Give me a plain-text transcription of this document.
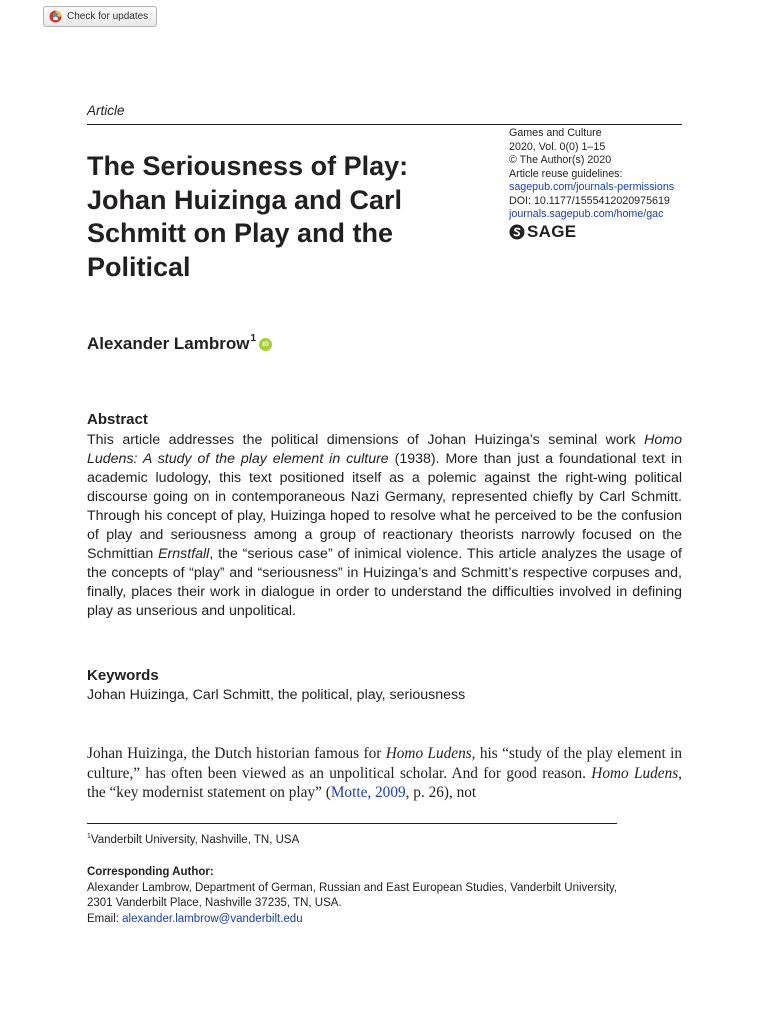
Check for updates
Article
Games and Culture
2020, Vol. 0(0) 1–15
© The Author(s) 2020
Article reuse guidelines:
sagepub.com/journals-permissions
DOI: 10.1177/1555412020975619
journals.sagepub.com/home/gac
SAGE
The Seriousness of Play:
Johan Huizinga and Carl
Schmitt on Play and the
Political
Alexander Lambrow$^1$
iD
Abstract

This article addresses the political dimensions of Johan Huizinga’s seminal work Homo Ludens: A study of the play element in culture (1938). More than just a foundational text in academic ludology, this text positioned itself as a polemic against the right-wing political discourse going on in contemporaneous Nazi Germany, represented chiefly by Carl Schmitt. Through his concept of play, Huizinga hoped to resolve what he perceived to be the confusion of play and seriousness among a group of reactionary theorists narrowly focused on the Schmittian Ernstfall, the “serious case” of inimical violence. This article analyzes the usage of the concepts of “play” and “seriousness” in Huizinga’s and Schmitt’s respective corpuses and, finally, places their work in dialogue in order to understand the difficulties involved in defining play as unserious and unpolitical.

Keywords
Johan Huizinga, Carl Schmitt, the political, play, seriousness

Johan Huizinga, the Dutch historian famous for Homo Ludens, his “study of the play element in culture,” has often been viewed as an unpolitical scholar. And for good reason. Homo Ludens, the “key modernist statement on play” (Motte, 2009, p. 26), not

$^1$Vanderbilt University, Nashville, TN, USA
Corresponding Author:
Alexander Lambrow, Department of German, Russian and East European Studies, Vanderbilt University,
2301 Vanderbilt Place, Nashville 37235, TN, USA.
Email: alexander.lambrow@vanderbilt.edu
